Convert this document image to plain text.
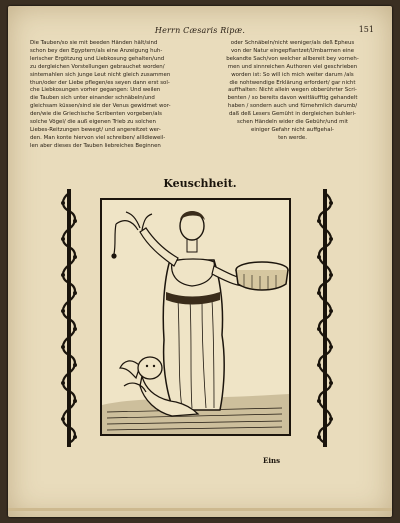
Herrn Cæsaris Ripæ.	151
Die Tauben/so sie mit beeden Händen hält/sind
schon bey den Egyptern/als eine Anzeigung huh-
lerischer Ergötzung und Liebkosung gehalten/und
zu dergleichen Vorstellungen gebrauchet worden/
sintemahlen sich junge Leut nicht gleich zusammen
thun/oder der Liebe pflegen/es seyen dann erst sol-
che Liebkosungen vorher gegangen: Und weilen
die Tauben sich unter einander schnäbeln/und
gleichsam küssen/sind sie der Venus gewidmet wor-
den/wie die Griechische Scribenten vorgeben/als
solche Vögel/ die auß eigenen Trieb zu solchen
Liebes-Reitzungen bewegt/ und angereitzet wer-
den. Man konte hiervon viel schreiben/ allldieweil-
len aber dieses der Tauben liebreiches Beginnen
oder Schnäbeln/nicht weniger/als deß Epheus
von der Natur eingepflantzet/Umbarmen eine
bekandte Sach/von welcher allbereit bey vorneh-
men und sinnreichen Authoren viel geschrieben
worden ist: So will ich mich weiter darum /als
die nohtwendige Erklärung erfordert/ gar nicht
auffhalten: Nicht allein wegen obberührter Scri-
benten / so bereits davon weitläufftig gehandelt
haben / sondern auch und fürnehmlich darumb/
daß deß Lesers Gemüht in dergleichen buhleri-
schen Händeln wider die Gebühr/und mit
einiger Gefahr nicht auffgehal-
ten werde.
Keuschheit.
Eins
